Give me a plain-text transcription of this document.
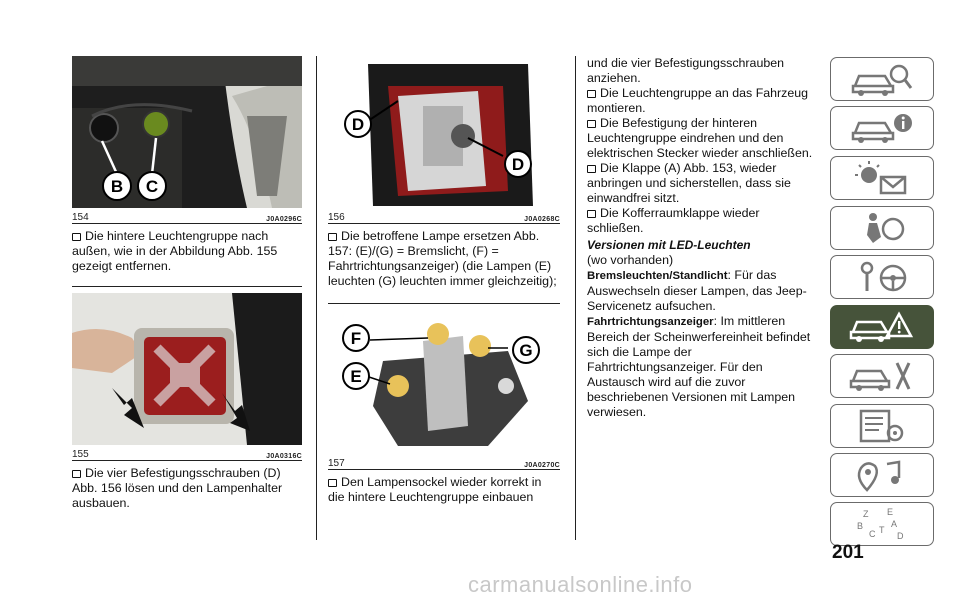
B C
154	J0A0296C

Die hintere Leuchtengruppe nach außen, wie in der Abbildung Abb. 155 gezeigt entfernen.

155	J0A0316C

Die vier Befestigungsschrauben (D) Abb. 156 lösen und den Lampenhalter ausbauen.

D
D
156	J0A0268C

Die betroffene Lampe ersetzen Abb. 157: (E)/(G) = Bremslicht, (F) = Fahrtrichtungsanzeiger) (die Lampen (E) leuchten (G) leuchten immer gleichzeitig);

F
G
E
157	J0A0270C

Den Lampensockel wieder korrekt in die hintere Leuchtengruppe einbauen

und die vier Befestigungsschrauben anziehen.

Die Leuchtengruppe an das Fahrzeug montieren.

Die Befestigung der hinteren Leuchtengruppe eindrehen und den elektrischen Stecker wieder anschließen.

Die Klappe (A) Abb. 153, wieder anbringen und sicherstellen, dass sie einwandfrei sitzt.

Die Kofferraumklappe wieder schließen.

Versionen mit LED-Leuchten

(wo vorhanden)

Bremsleuchten/Standlicht: Für das Auswechseln dieser Lampen, das Jeep-Servicenetz aufsuchen.

Fahrtrichtungsanzeiger: Im mittleren Bereich der Scheinwerfereinheit befindet sich die Lampe der Fahrtrichtungsanzeiger. Für den Austausch wird auf die zuvor beschriebenen Versionen mit Lampen verwiesen.

Z E
B	A
C T
D
201
carmanualsonline.info
